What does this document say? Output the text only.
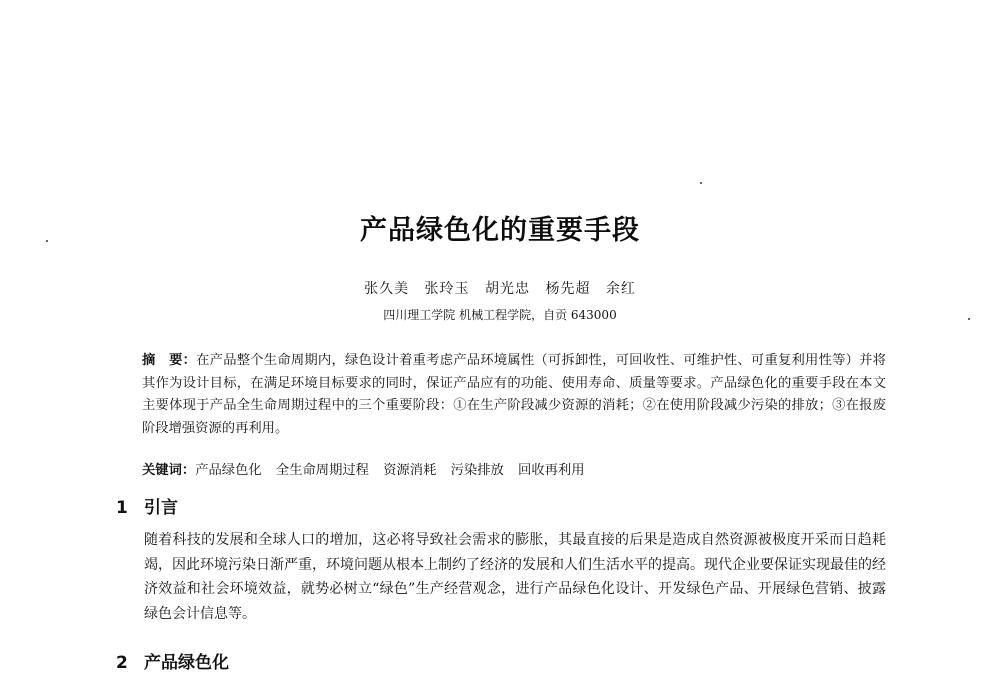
产品绿色化的重要手段
张久美 张玲玉 胡光忠 杨先超 余红
四川理工学院 机械工程学院，自贡 643000
摘　要：在产品整个生命周期内，绿色设计着重考虑产品环境属性（可拆卸性，可回收性、可维护性、可重复利用性等）并将其作为设计目标，在满足环境目标要求的同时，保证产品应有的功能、使用寿命、质量等要求。产品绿色化的重要手段在本文主要体现于产品全生命周期过程中的三个重要阶段：①在生产阶段减少资源的消耗；②在使用阶段减少污染的排放；③在报废阶段增强资源的再利用。
关键词：产品绿色化 全生命周期过程 资源消耗 污染排放 回收再利用
1 引言
随着科技的发展和全球人口的增加，这必将导致社会需求的膨胀，其最直接的后果是造成自然资源被极度开采而日趋耗竭，因此环境污染日渐严重，环境问题从根本上制约了经济的发展和人们生活水平的提高。现代企业要保证实现最佳的经济效益和社会环境效益，就势必树立“绿色”生产经营观念，进行产品绿色化设计、开发绿色产品、开展绿色营销、披露绿色会计信息等。
2 产品绿色化
